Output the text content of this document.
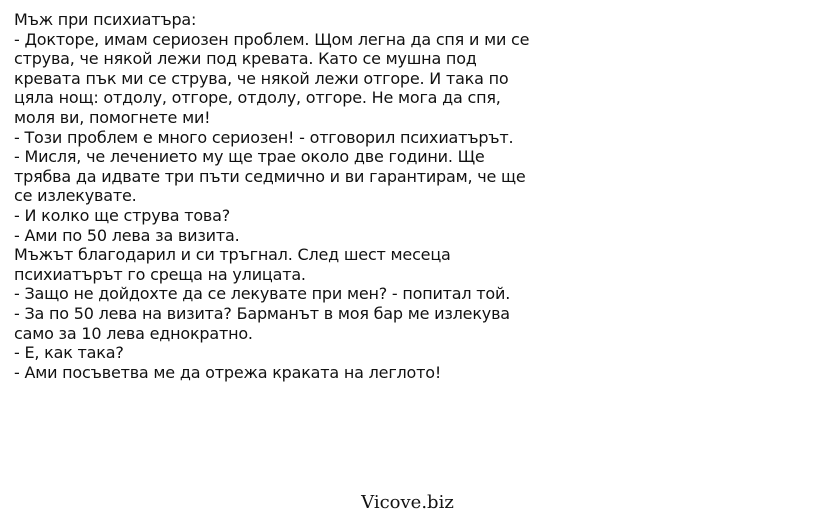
Мъж при психиатъра:
- Докторе, имам сериозен проблем. Щом легна да спя и ми се
струва, че някой лежи под кревата. Като се мушна под
кревата пък ми се струва, че някой лежи отгоре. И така по
цяла нощ: отдолу, отгоре, отдолу, отгоре. Не мога да спя,
моля ви, помогнете ми!
- Този проблем е много сериозен! - отговорил психиатърът.
- Мисля, че лечението му ще трае около две години. Ще
трябва да идвате три пъти седмично и ви гарантирам, че ще
се излекувате.
- И колко ще струва това?
- Ами по 50 лева за визита.
Мъжът благодарил и си тръгнал. След шест месеца
психиатърът го среща на улицата.
- Защо не дойдохте да се лекувате при мен? - попитал той.
- За по 50 лева на визита? Барманът в моя бар ме излекува
само за 10 лева еднократно.
- Е, как така?
- Ами посъветва ме да отрежа краката на леглото!
Vicove.biz
